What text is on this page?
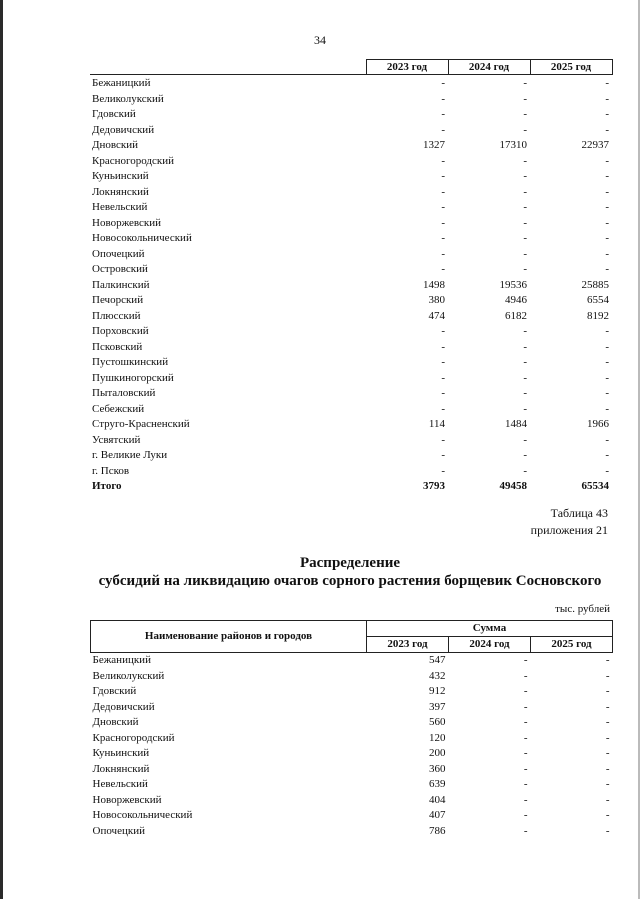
34
	2023 год	2024 год	2025 год
Бежаницкий	-	-	-
Великолукский	-	-	-
Гдовский	-	-	-
Дедовичский	-	-	-
Дновский	1327	17310	22937
Красногородский	-	-	-
Куньинский	-	-	-
Локнянский	-	-	-
Невельский	-	-	-
Новоржевский	-	-	-
Новосокольнический	-	-	-
Опочецкий	-	-	-
Островский	-	-	-
Палкинский	1498	19536	25885
Печорский	380	4946	6554
Плюсский	474	6182	8192
Порховский	-	-	-
Псковский	-	-	-
Пустошкинский	-	-	-
Пушкиногорский	-	-	-
Пыталовский	-	-	-
Себежский	-	-	-
Струго-Красненский	114	1484	1966
Усвятский	-	-	-
г. Великие Луки	-	-	-
г. Псков	-	-	-
Итого	3793	49458	65534
Таблица 43
приложения 21
Распределение
субсидий на ликвидацию очагов сорного растения борщевик Сосновского
тыс. рублей
Наименование районов и городов	Сумма		
	2023 год	2024 год	2025 год
Бежаницкий	547	-	-
Великолукский	432	-	-
Гдовский	912	-	-
Дедовичский	397	-	-
Дновский	560	-	-
Красногородский	120	-	-
Куньинский	200	-	-
Локнянский	360	-	-
Невельский	639	-	-
Новоржевский	404	-	-
Новосокольнический	407	-	-
Опочецкий	786	-	-
